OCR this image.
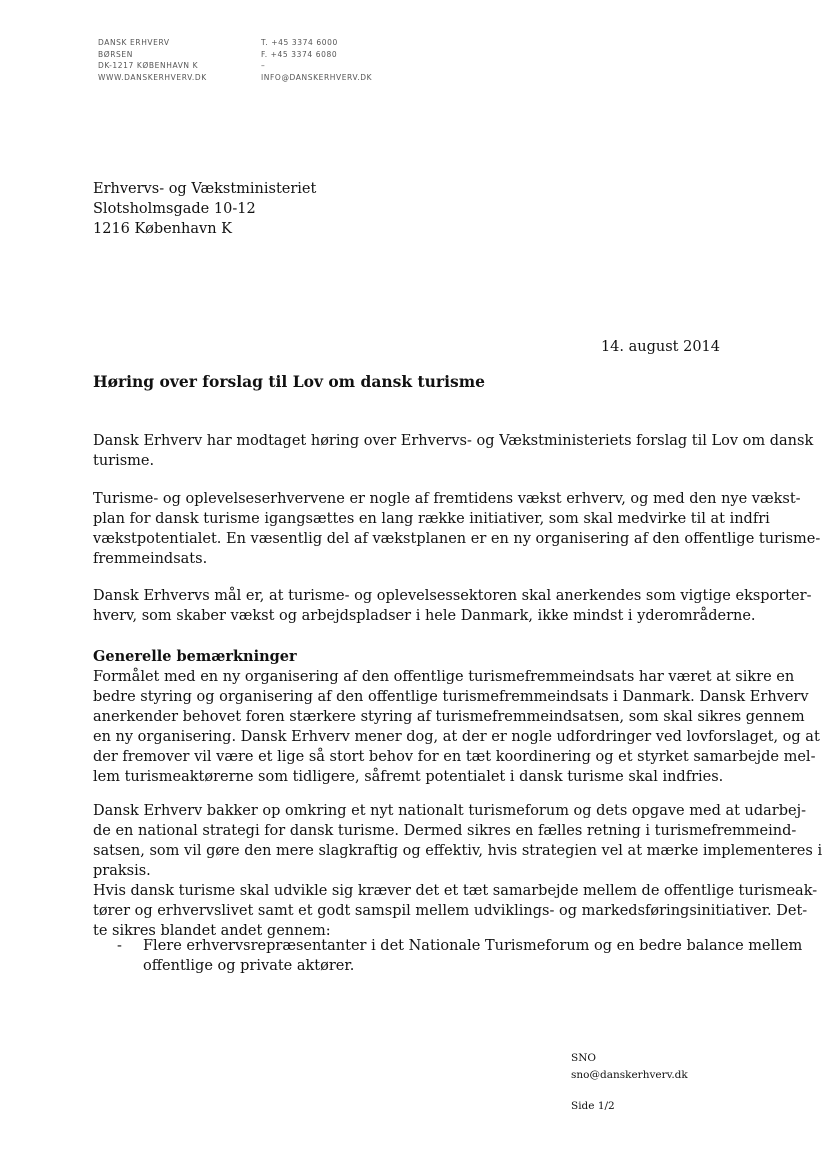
DANSK ERHVERV
BØRSEN
DK-1217 KØBENHAVN K
WWW.DANSKERHVERV.DK
T. +45 3374 6000
F. +45 3374 6080
–
INFO@DANSKERHVERV.DK
Erhvervs- og Vækstministeriet
Slotsholmsgade 10-12
1216 København K
14. august 2014
Høring over forslag til Lov om dansk turisme
Dansk Erhverv har modtaget høring over Erhvervs- og Vækstministeriets forslag til Lov om dansk
turisme.
Turisme- og oplevelseserhvervene er nogle af fremtidens vækst erhverv, og med den nye vækst-
plan for dansk turisme igangsættes en lang række initiativer, som skal medvirke til at indfri
vækstpotentialet. En væsentlig del af vækstplanen er en ny organisering af den offentlige turisme-
fremmeindsats.
Dansk Erhvervs mål er, at turisme- og oplevelsessektoren skal anerkendes som vigtige eksporter-
hverv, som skaber vækst og arbejdspladser i hele Danmark, ikke mindst i yderområderne.
Generelle bemærkninger
Formålet med en ny organisering af den offentlige turismefremmeindsats har været at sikre en
bedre styring og organisering af den offentlige turismefremmeindsats i Danmark. Dansk Erhverv
anerkender behovet foren stærkere styring af turismefremmeindsatsen, som skal sikres gennem
en ny organisering. Dansk Erhverv mener dog, at der er nogle udfordringer ved lovforslaget, og at
der fremover vil være et lige så stort behov for en tæt koordinering og et styrket samarbejde mel-
lem turismeaktørerne som tidligere, såfremt potentialet i dansk turisme skal indfries.
Dansk Erhverv bakker op omkring et nyt nationalt turismeforum og dets opgave med at udarbej-
de en national strategi for dansk turisme. Dermed sikres en fælles retning i turismefremmeind-
satsen, som vil gøre den mere slagkraftig og effektiv, hvis strategien vel at mærke implementeres i
praksis.
Hvis dansk turisme skal udvikle sig kræver det et tæt samarbejde mellem de offentlige turismeak-
tører og erhvervslivet samt et godt samspil mellem udviklings- og markedsføringsinitiativer. Det-
te sikres blandet andet gennem:
- Flere erhvervsrepræsentanter i det Nationale Turismeforum og en bedre balance mellem
offentlige og private aktører.
SNO
sno@danskerhverv.dk
Side 1/2
